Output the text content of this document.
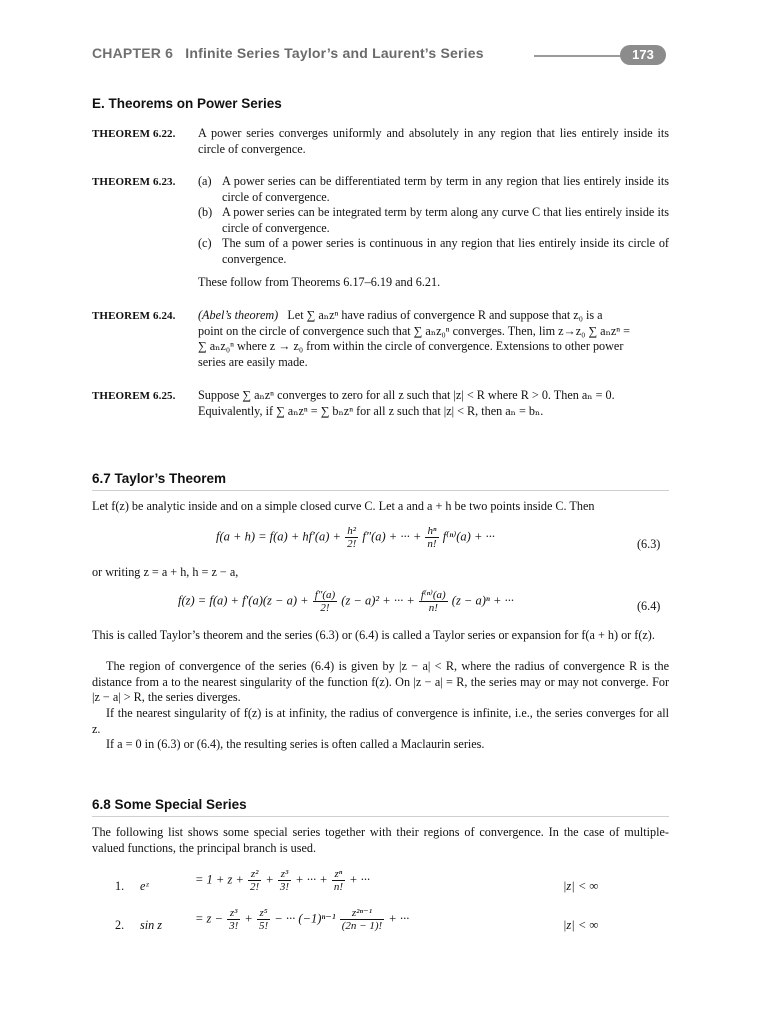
CHAPTER 6 Infinite Series Taylor’s and Laurent’s Series	173
E. Theorems on Power Series
THEOREM 6.22. A power series converges uniformly and absolutely in any region that lies entirely inside its circle of convergence.
THEOREM 6.23. (a) A power series can be differentiated term by term in any region that lies entirely inside its circle of convergence.
(b) A power series can be integrated term by term along any curve C that lies entirely inside its circle of convergence.
(c) The sum of a power series is continuous in any region that lies entirely inside its circle of convergence.
These follow from Theorems 6.17–6.19 and 6.21.
THEOREM 6.24. (Abel’s theorem) Let ∑ aₙzⁿ have radius of convergence R and suppose that z₀ is a
point on the circle of convergence such that ∑ aₙz₀ⁿ converges. Then, lim z→z₀ ∑ aₙzⁿ =
∑ aₙz₀ⁿ where z → z₀ from within the circle of convergence. Extensions to other power
series are easily made.
THEOREM 6.25. Suppose ∑ aₙzⁿ converges to zero for all z such that |z| < R where R > 0. Then aₙ = 0.
Equivalently, if ∑ aₙzⁿ = ∑ bₙzⁿ for all z such that |z| < R, then aₙ = bₙ.
6.7 Taylor’s Theorem
Let f(z) be analytic inside and on a simple closed curve C. Let a and a + h be two points inside C. Then
$f(a + h) = f(a) + hf'(a) + \frac{\text{h²}}{2!} f''(a)$ + ··· + $\frac{\text{hⁿ}}{n!} f^{(n)}(a)$ + ···
(6.3)
or writing z = a + h, h = z − a,
$f(z) = f(a) + f'(a)(z - a) + \frac{f''(a)}{2!} (z - a)^2$ + ··· + $\frac{\text{f⁽ⁿ⁾(a)}}{n!} (z - a)^n$ + ···	(6.4)
This is called Taylor’s theorem and the series (6.3) or (6.4) is called a Taylor series or expansion for f(a + h) or f(z).
The region of convergence of the series (6.4) is given by |z − a| < R, where the radius of convergence R is the distance from a to the nearest singularity of the function f(z). On |z − a| = R, the series may or may not converge. For |z − a| > R, the series diverges.
If the nearest singularity of f(z) is at infinity, the radius of convergence is infinite, i.e., the series converges for all z.
If a = 0 in (6.3) or (6.4), the resulting series is often called a Maclaurin series.
6.8 Some Special Series
The following list shows some special series together with their regions of convergence. In the case of multiple-valued functions, the principal branch is used.
1. eᶻ	= $1 + z + \frac{\text{z²}}{2!} + \frac{\text{z³}}{3!}$ + ··· + $\frac{\text{zⁿ}}{n!}$ + ···	|z| < ∞
2. sin z	= $z - \frac{\text{z³}}{3!} + \frac{\text{z⁵}}{5!}$ − ··· $(-1)^{n-1} \frac{\text{z²ⁿ⁻¹}}{(2n - 1)!}$ + ···	|z| < ∞
